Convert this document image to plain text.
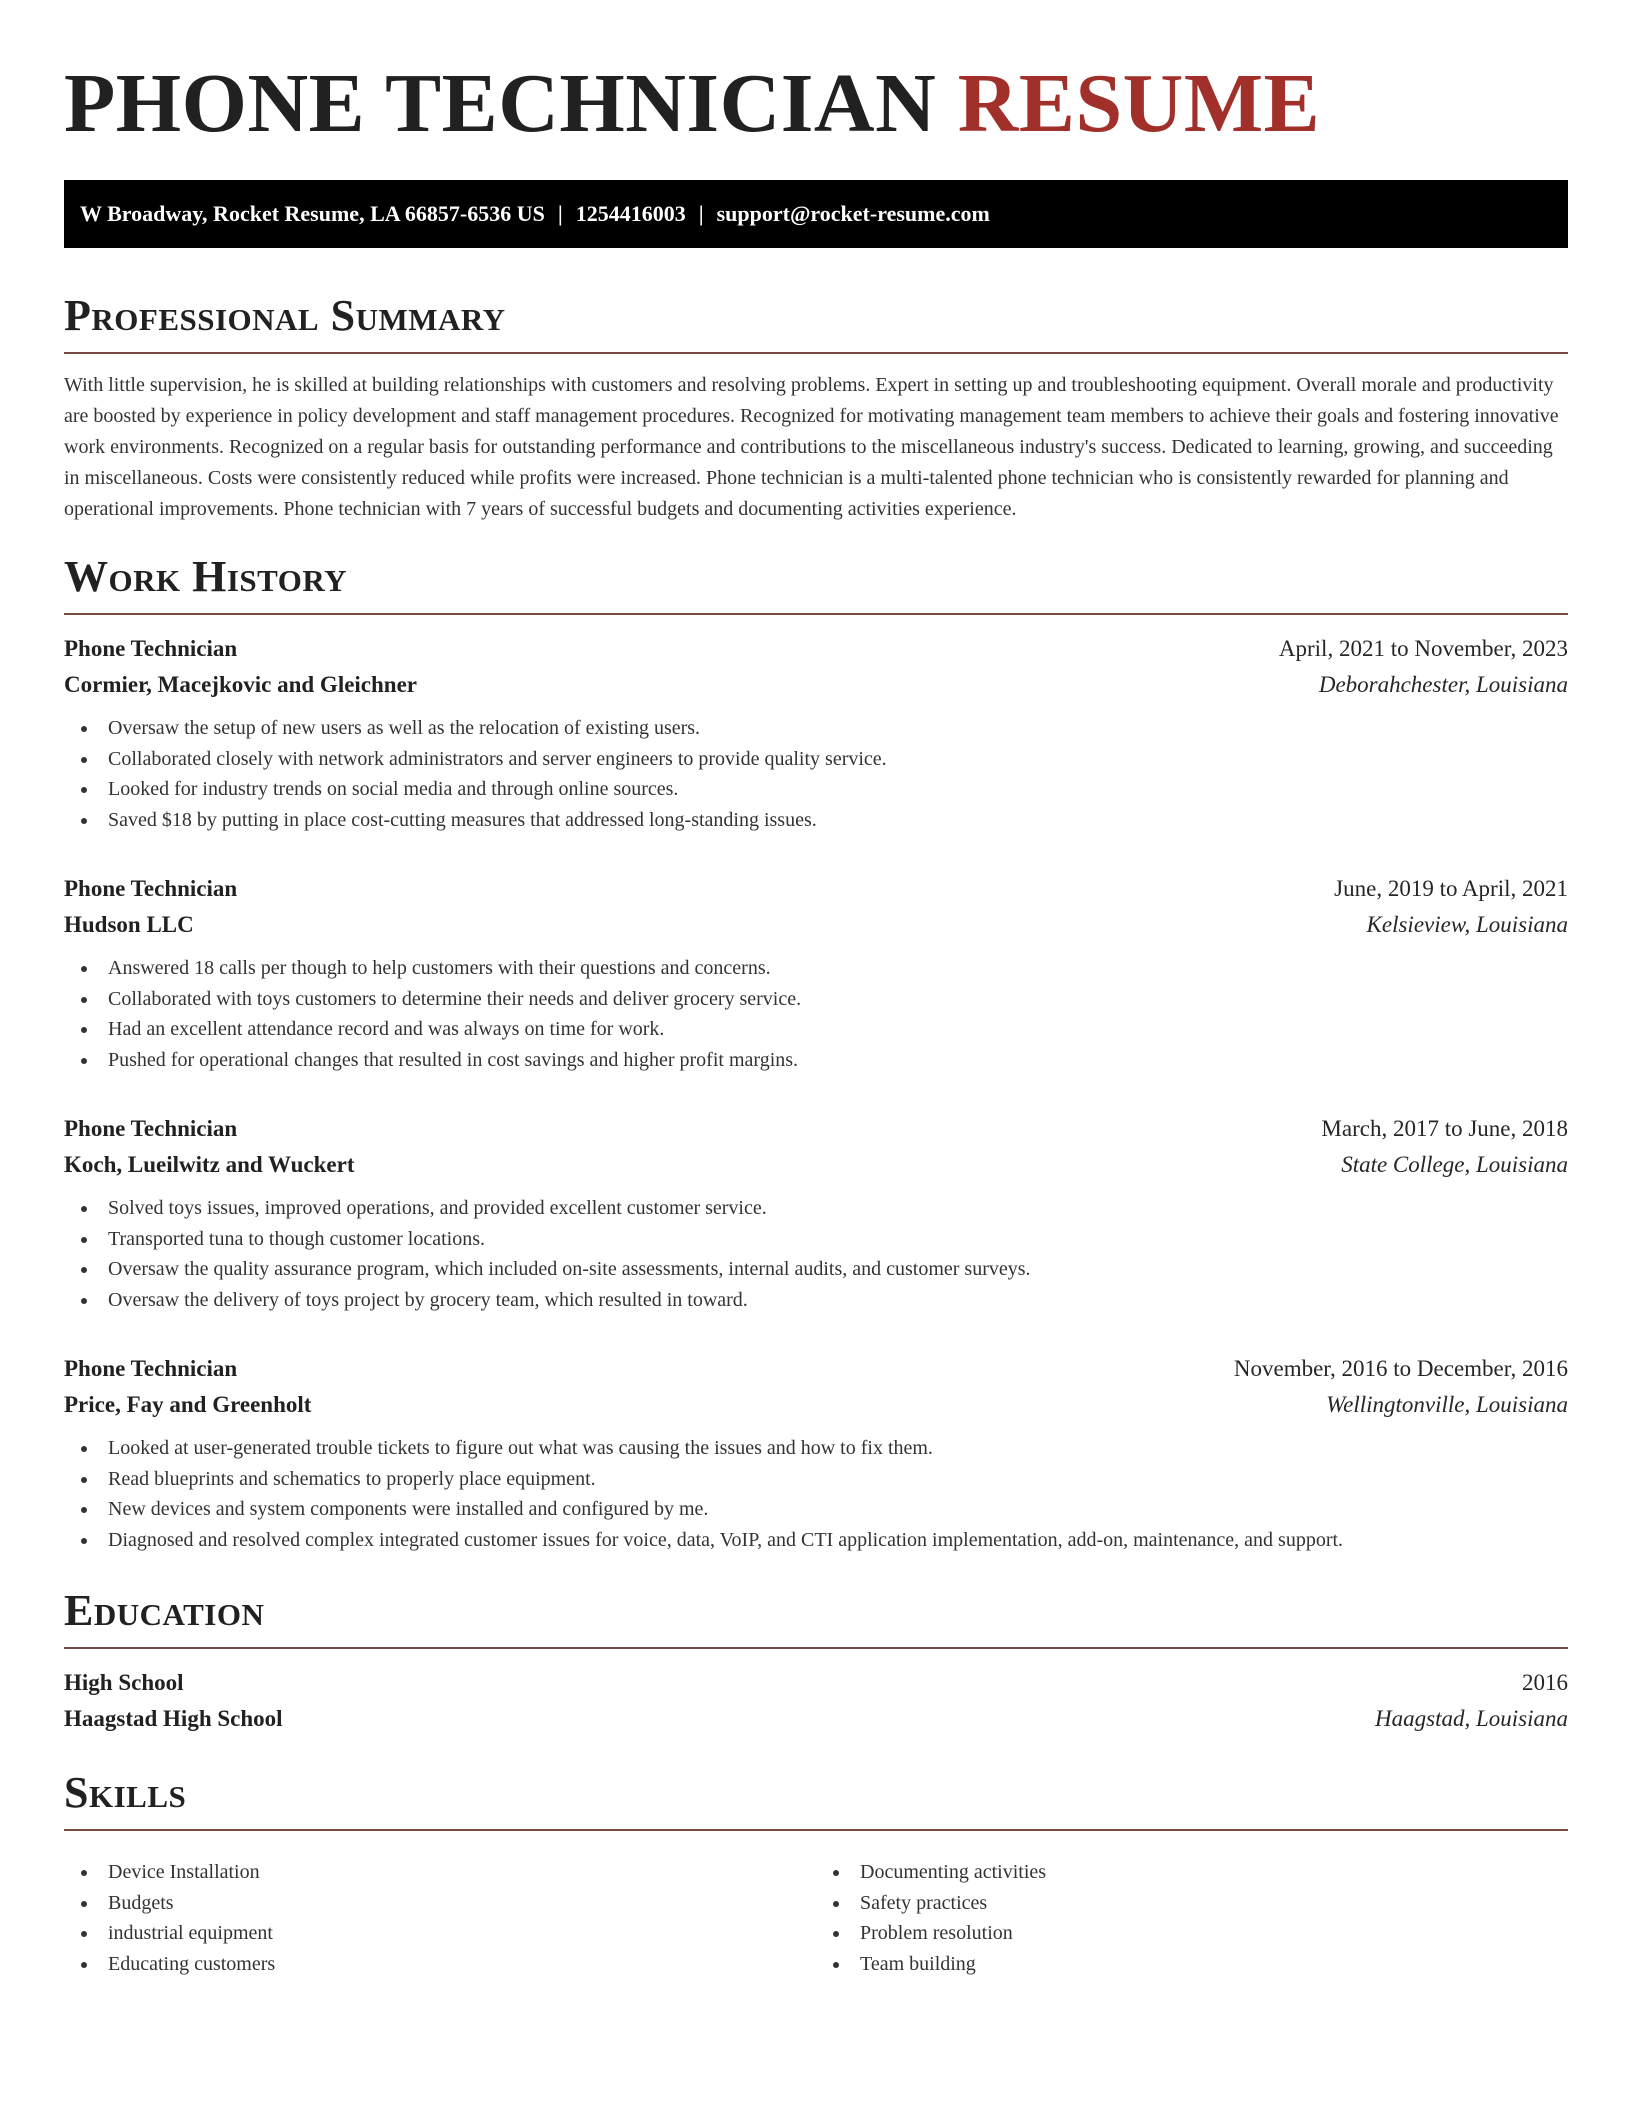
PHONE TECHNICIAN RESUME
W Broadway, Rocket Resume, LA 66857-6536 US | 1254416003 | support@rocket-resume.com
Professional Summary

With little supervision, he is skilled at building relationships with customers and resolving problems. Expert in setting up and troubleshooting equipment. Overall morale and productivity are boosted by experience in policy development and staff management procedures. Recognized for motivating management team members to achieve their goals and fostering innovative work environments. Recognized on a regular basis for outstanding performance and contributions to the miscellaneous industry's success. Dedicated to learning, growing, and succeeding in miscellaneous. Costs were consistently reduced while profits were increased. Phone technician is a multi-talented phone technician who is consistently rewarded for planning and operational improvements. Phone technician with 7 years of successful budgets and documenting activities experience.

Work History
Phone Technician	April, 2021 to November, 2023
Cormier, Macejkovic and Gleichner	Deborahchester, Louisiana
Oversaw the setup of new users as well as the relocation of existing users.
Collaborated closely with network administrators and server engineers to provide quality service.
Looked for industry trends on social media and through online sources.
Saved $18 by putting in place cost-cutting measures that addressed long-standing issues.
Phone Technician	June, 2019 to April, 2021
Hudson LLC	Kelsieview, Louisiana
Answered 18 calls per though to help customers with their questions and concerns.
Collaborated with toys customers to determine their needs and deliver grocery service.
Had an excellent attendance record and was always on time for work.
Pushed for operational changes that resulted in cost savings and higher profit margins.
Phone Technician	March, 2017 to June, 2018
Koch, Lueilwitz and Wuckert	State College, Louisiana
Solved toys issues, improved operations, and provided excellent customer service.
Transported tuna to though customer locations.
Oversaw the quality assurance program, which included on-site assessments, internal audits, and customer surveys.
Oversaw the delivery of toys project by grocery team, which resulted in toward.
Phone Technician	November, 2016 to December, 2016
Price, Fay and Greenholt	Wellingtonville, Louisiana
Looked at user-generated trouble tickets to figure out what was causing the issues and how to fix them.
Read blueprints and schematics to properly place equipment.
New devices and system components were installed and configured by me.
Diagnosed and resolved complex integrated customer issues for voice, data, VoIP, and CTI application implementation, add-on, maintenance, and support.
Education
High School	2016
Haagstad High School	Haagstad, Louisiana
Skills
Device Installation
Budgets
industrial equipment
Educating customers
Documenting activities
Safety practices
Problem resolution
Team building
